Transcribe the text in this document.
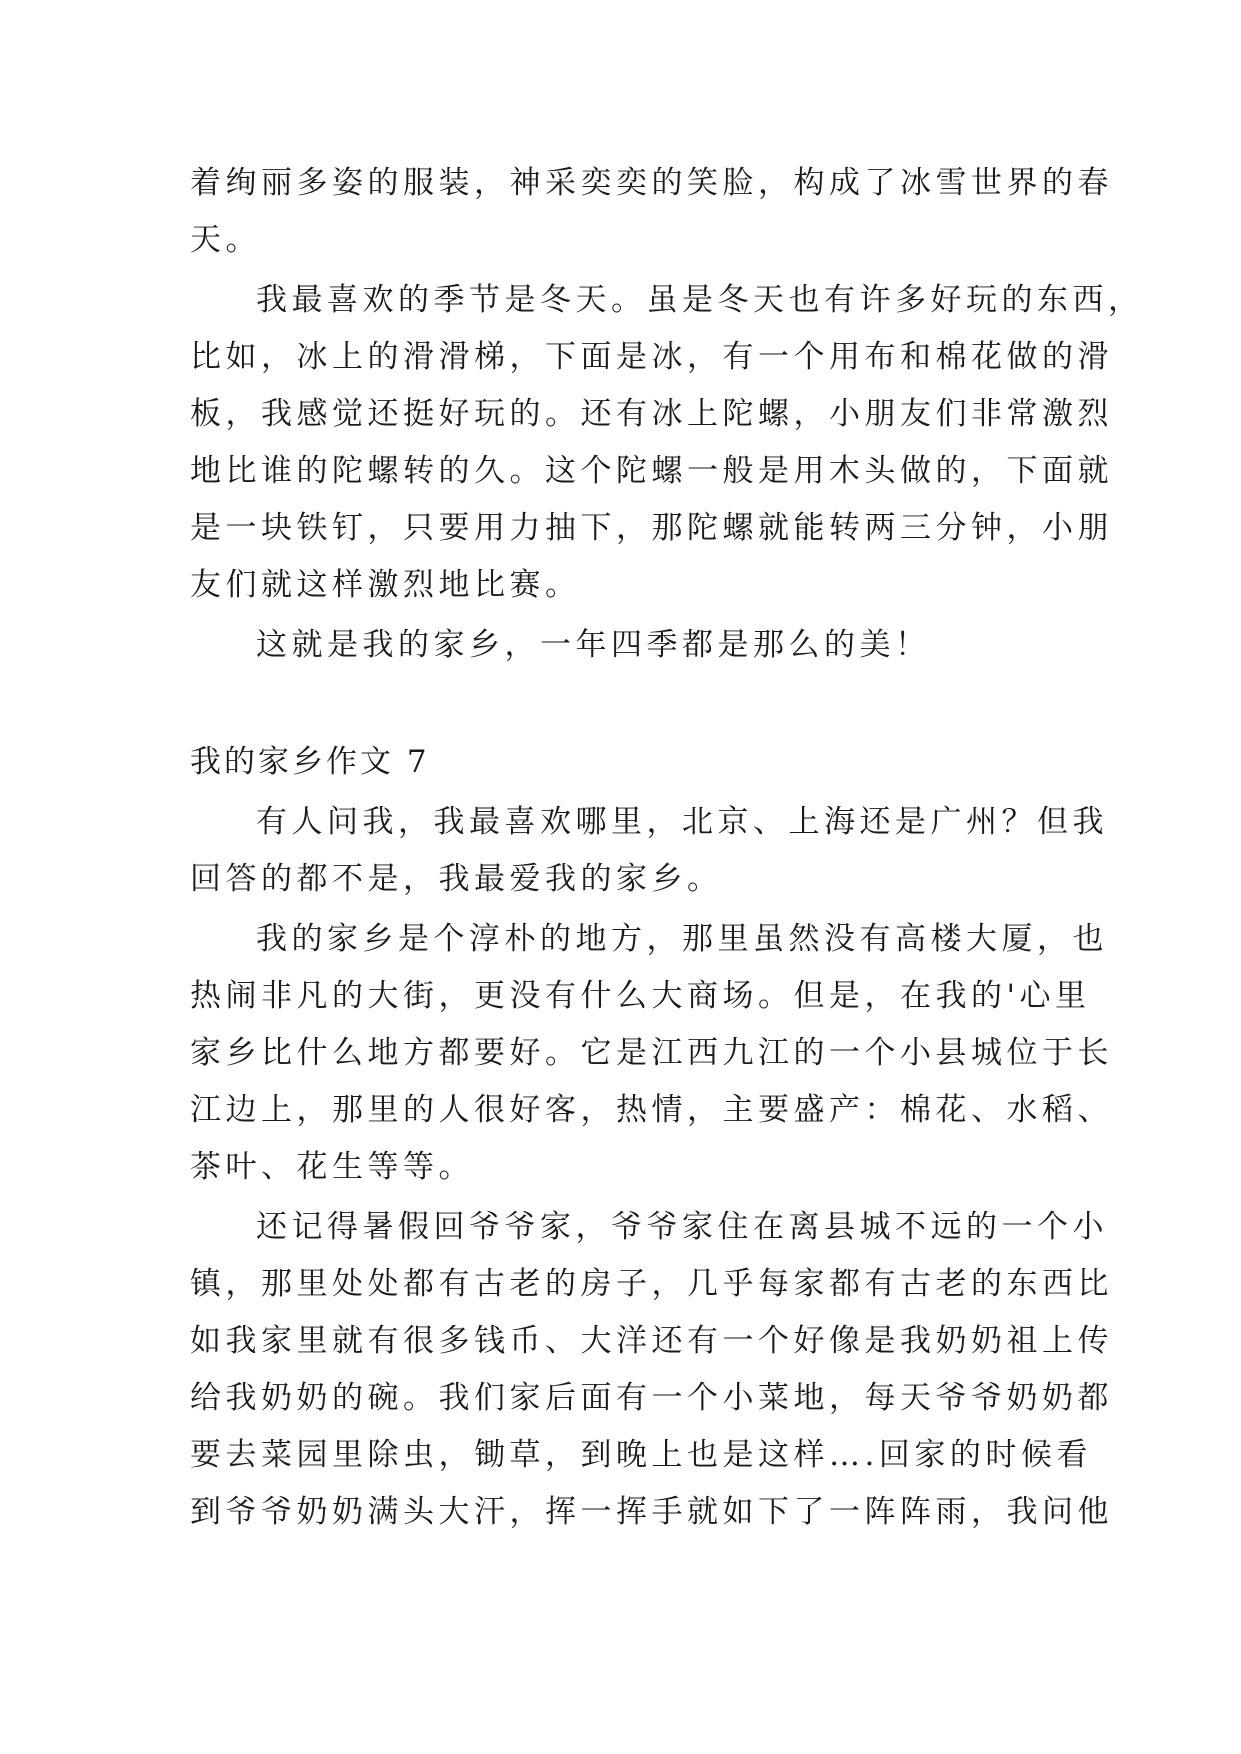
着绚丽多姿的服装，神采奕奕的笑脸，构成了冰雪世界的春
天。
我最喜欢的季节是冬天。虽是冬天也有许多好玩的东西，
比如，冰上的滑滑梯，下面是冰，有一个用布和棉花做的滑
板，我感觉还挺好玩的。还有冰上陀螺，小朋友们非常激烈
地比谁的陀螺转的久。这个陀螺一般是用木头做的，下面就
是一块铁钉，只要用力抽下，那陀螺就能转两三分钟，小朋
友们就这样激烈地比赛。
这就是我的家乡，一年四季都是那么的美！
我的家乡作文 7
有人问我，我最喜欢哪里，北京、上海还是广州？但我
回答的都不是，我最爱我的家乡。
我的家乡是个淳朴的地方，那里虽然没有高楼大厦，也
热闹非凡的大街，更没有什么大商场。但是，在我的'心里
家乡比什么地方都要好。它是江西九江的一个小县城位于长
江边上，那里的人很好客，热情，主要盛产：棉花、水稻、
茶叶、花生等等。
还记得暑假回爷爷家，爷爷家住在离县城不远的一个小
镇，那里处处都有古老的房子，几乎每家都有古老的东西比
如我家里就有很多钱币、大洋还有一个好像是我奶奶祖上传
给我奶奶的碗。我们家后面有一个小菜地，每天爷爷奶奶都
要去菜园里除虫，锄草，到晚上也是这样….回家的时候看
到爷爷奶奶满头大汗，挥一挥手就如下了一阵阵雨，我问他
